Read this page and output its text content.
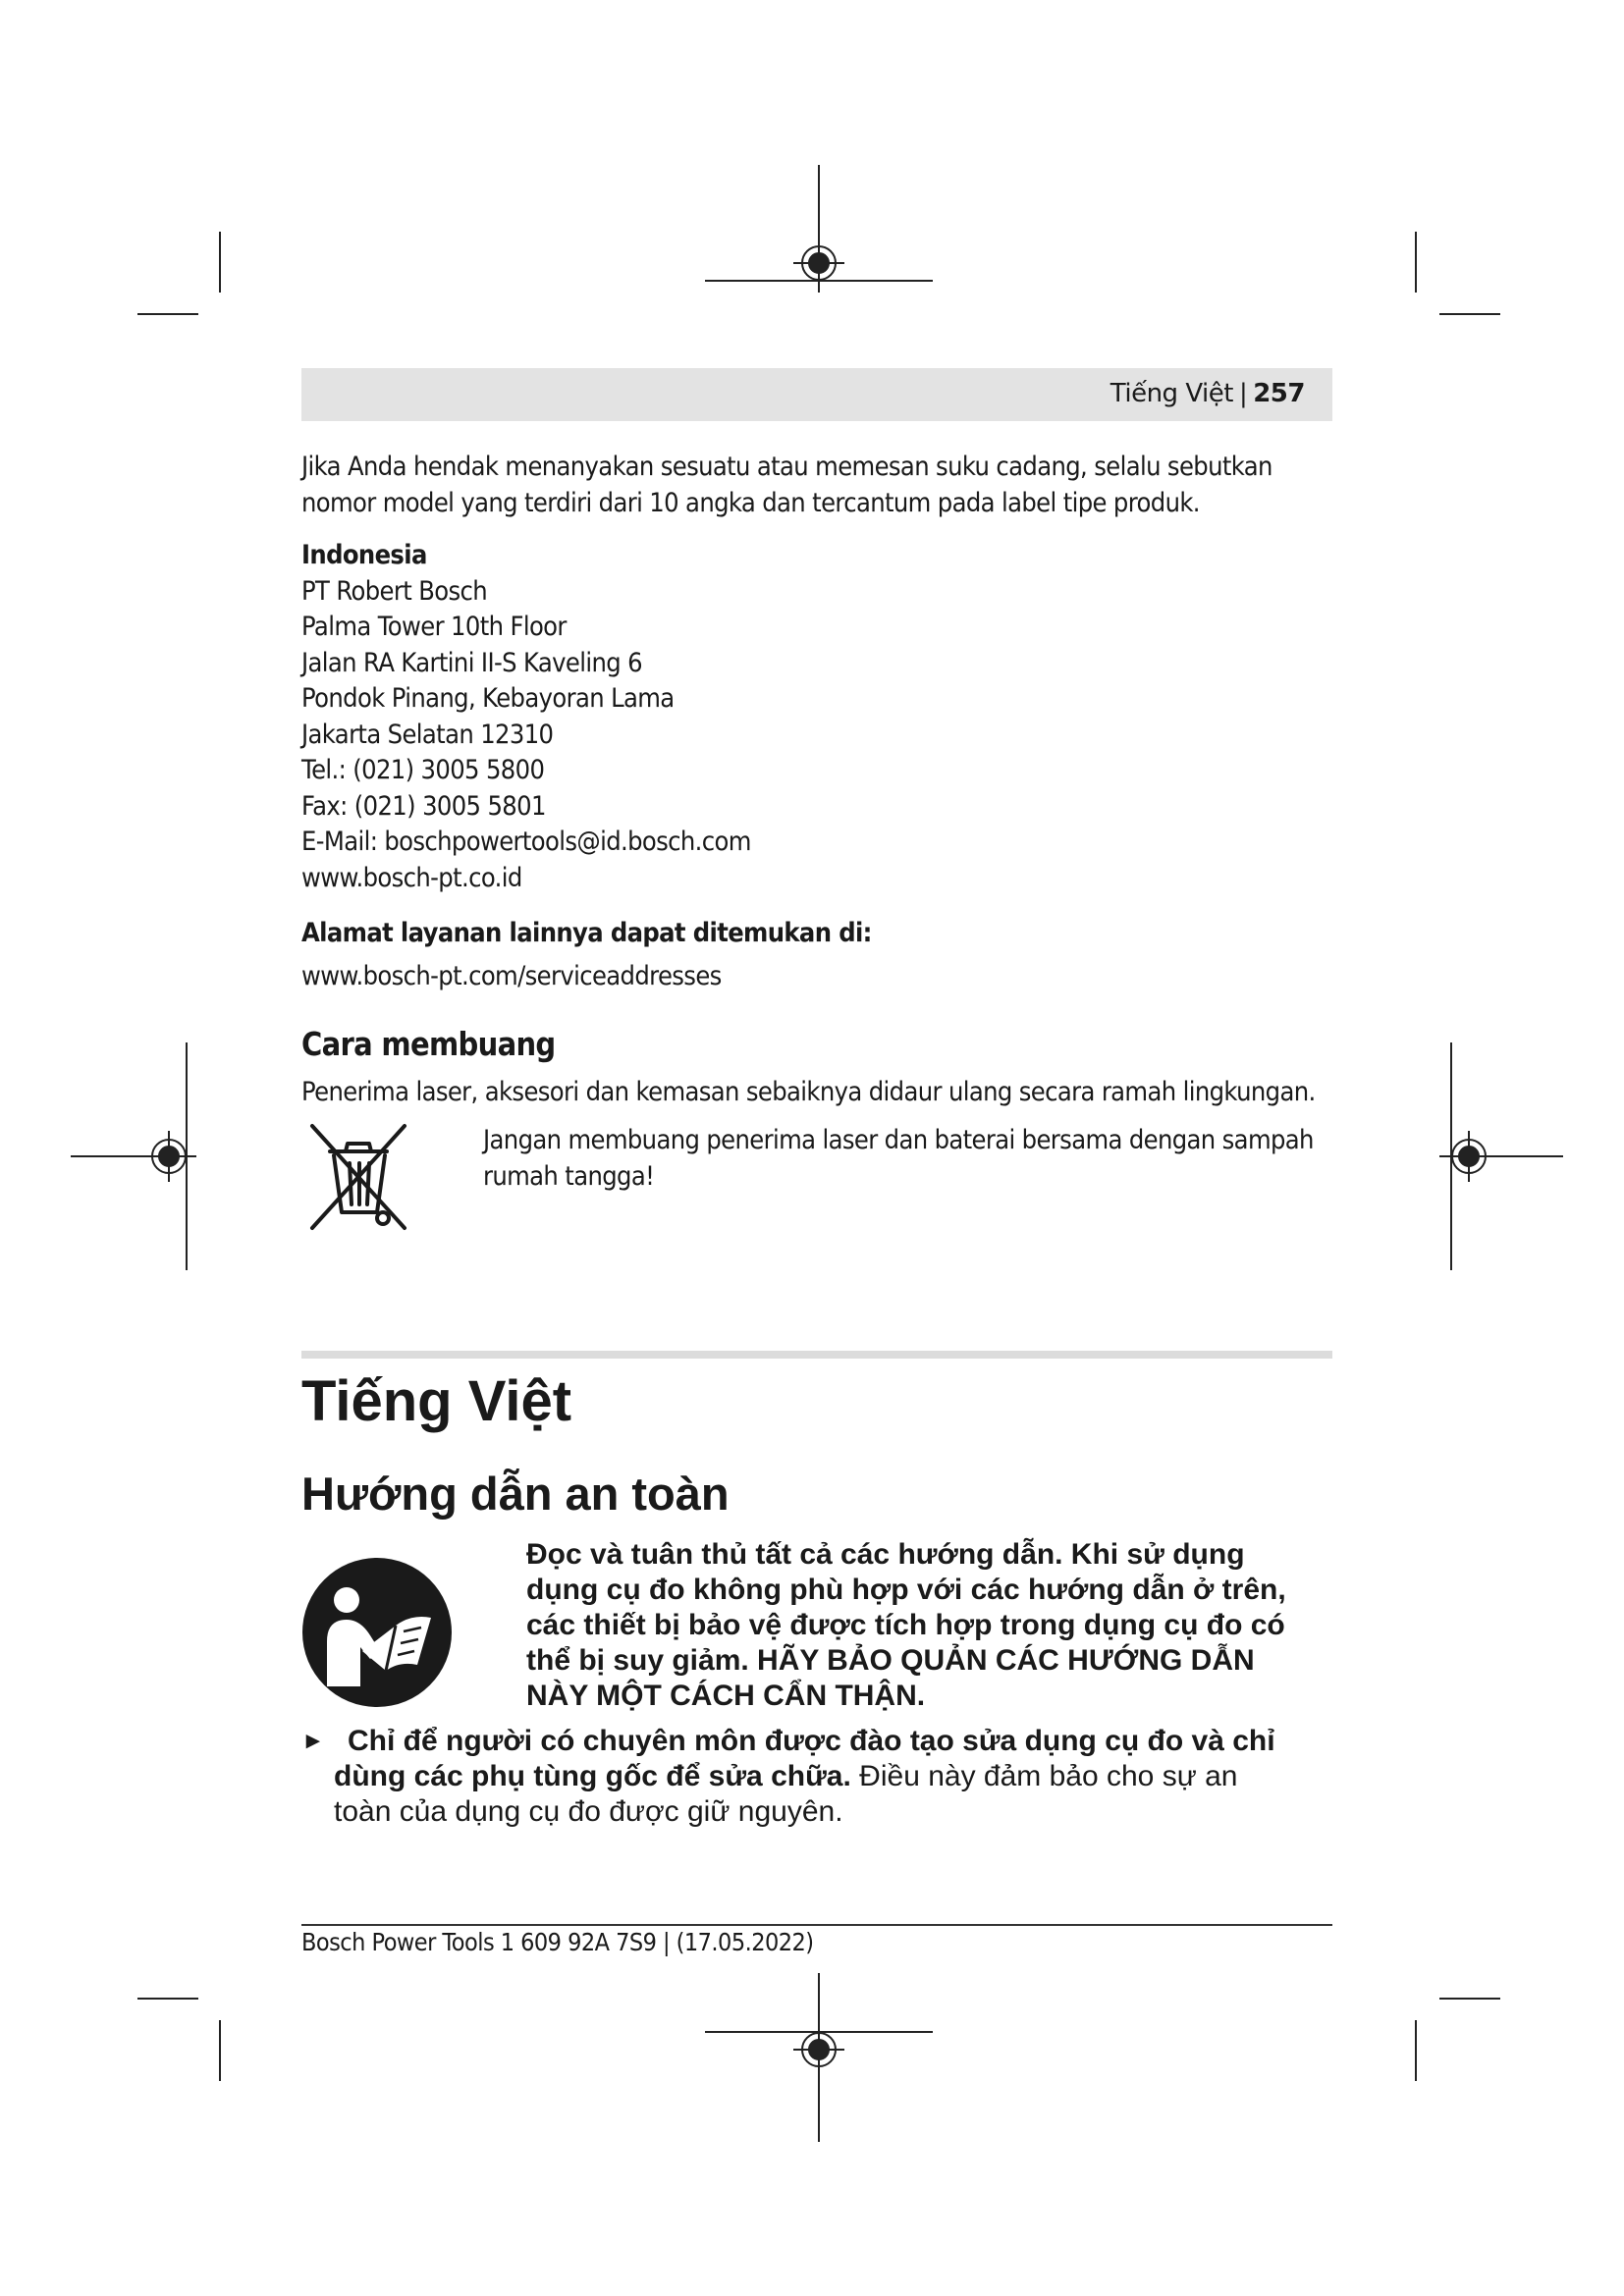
Tiếng Việt | 257
Jika Anda hendak menanyakan sesuatu atau memesan suku cadang, selalu sebutkan
nomor model yang terdiri dari 10 angka dan tercantum pada label tipe produk.
Indonesia
PT Robert Bosch
Palma Tower 10th Floor
Jalan RA Kartini II-S Kaveling 6
Pondok Pinang, Kebayoran Lama
Jakarta Selatan 12310
Tel.: (021) 3005 5800
Fax: (021) 3005 5801
E-Mail: boschpowertools@id.bosch.com
www.bosch-pt.co.id
Alamat layanan lainnya dapat ditemukan di:
www.bosch-pt.com/serviceaddresses
Cara membuang
Penerima laser, aksesori dan kemasan sebaiknya didaur ulang secara ramah lingkungan.
Jangan membuang penerima laser dan baterai bersama dengan sampah
rumah tangga!
Tiếng Việt
Hướng dẫn an toàn
Đọc và tuân thủ tất cả các hướng dẫn. Khi sử dụng
dụng cụ đo không phù hợp với các hướng dẫn ở trên,
các thiết bị bảo vệ được tích hợp trong dụng cụ đo có
thể bị suy giảm. HÃY BẢO QUẢN CÁC HƯỚNG DẪN
NÀY MỘT CÁCH CẨN THẬN.
► Chỉ để người có chuyên môn được đào tạo sửa dụng cụ đo và chỉ
dùng các phụ tùng gốc để sửa chữa. Điều này đảm bảo cho sự an
toàn của dụng cụ đo được giữ nguyên.
Bosch Power Tools 1 609 92A 7S9 | (17.05.2022)
